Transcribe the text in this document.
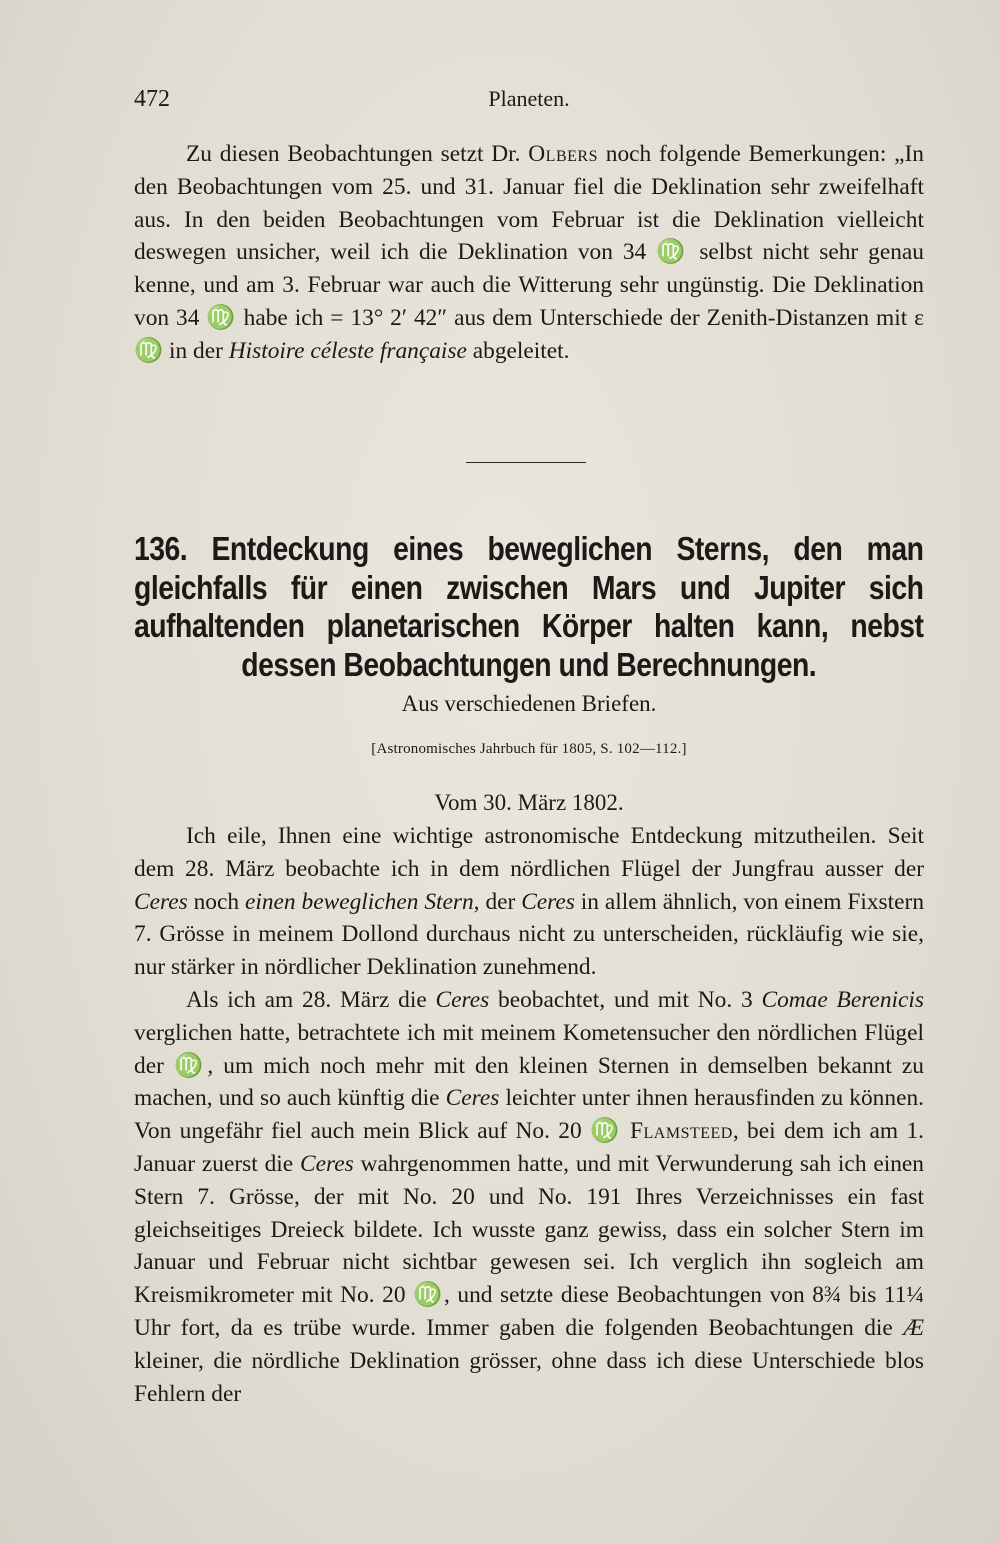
472	Planeten.

Zu diesen Beobachtungen setzt Dr. Olbers noch folgende Bemerkungen: „In den Beobachtungen vom 25. und 31. Januar fiel die Deklination sehr zweifelhaft aus. In den beiden Beobachtungen vom Februar ist die Deklination vielleicht deswegen unsicher, weil ich die Deklination von 34 ♍ selbst nicht sehr genau kenne, und am 3. Februar war auch die Witterung sehr ungünstig. Die Deklination von 34 ♍ habe ich = 13° 2′ 42″ aus dem Unterschiede der Zenith-Distanzen mit ε ♍ in der Histoire céleste française abgeleitet.

136. Entdeckung eines beweglichen Sterns, den man gleichfalls für einen zwischen Mars und Jupiter sich aufhaltenden planetarischen Körper halten kann, nebst dessen Beobachtungen und Berechnungen.
Aus verschiedenen Briefen.
[Astronomisches Jahrbuch für 1805, S. 102—112.]
Vom 30. März 1802.

Ich eile, Ihnen eine wichtige astronomische Entdeckung mitzutheilen. Seit dem 28. März beobachte ich in dem nördlichen Flügel der Jungfrau ausser der Ceres noch einen beweglichen Stern, der Ceres in allem ähnlich, von einem Fixstern 7. Grösse in meinem Dollond durchaus nicht zu unterscheiden, rückläufig wie sie, nur stärker in nördlicher Deklination zunehmend.

Als ich am 28. März die Ceres beobachtet, und mit No. 3 Comae Berenicis verglichen hatte, betrachtete ich mit meinem Kometensucher den nördlichen Flügel der ♍, um mich noch mehr mit den kleinen Sternen in demselben bekannt zu machen, und so auch künftig die Ceres leichter unter ihnen herausfinden zu können. Von ungefähr fiel auch mein Blick auf No. 20 ♍ Flamsteed, bei dem ich am 1. Januar zuerst die Ceres wahrgenommen hatte, und mit Verwunderung sah ich einen Stern 7. Grösse, der mit No. 20 und No. 191 Ihres Verzeichnisses ein fast gleichseitiges Dreieck bildete. Ich wusste ganz gewiss, dass ein solcher Stern im Januar und Februar nicht sichtbar gewesen sei. Ich verglich ihn sogleich am Kreismikrometer mit No. 20 ♍, und setzte diese Beobachtungen von 8¾ bis 11¼ Uhr fort, da es trübe wurde. Immer gaben die folgenden Beobachtungen die Æ kleiner, die nördliche Deklination grösser, ohne dass ich diese Unterschiede blos Fehlern der
